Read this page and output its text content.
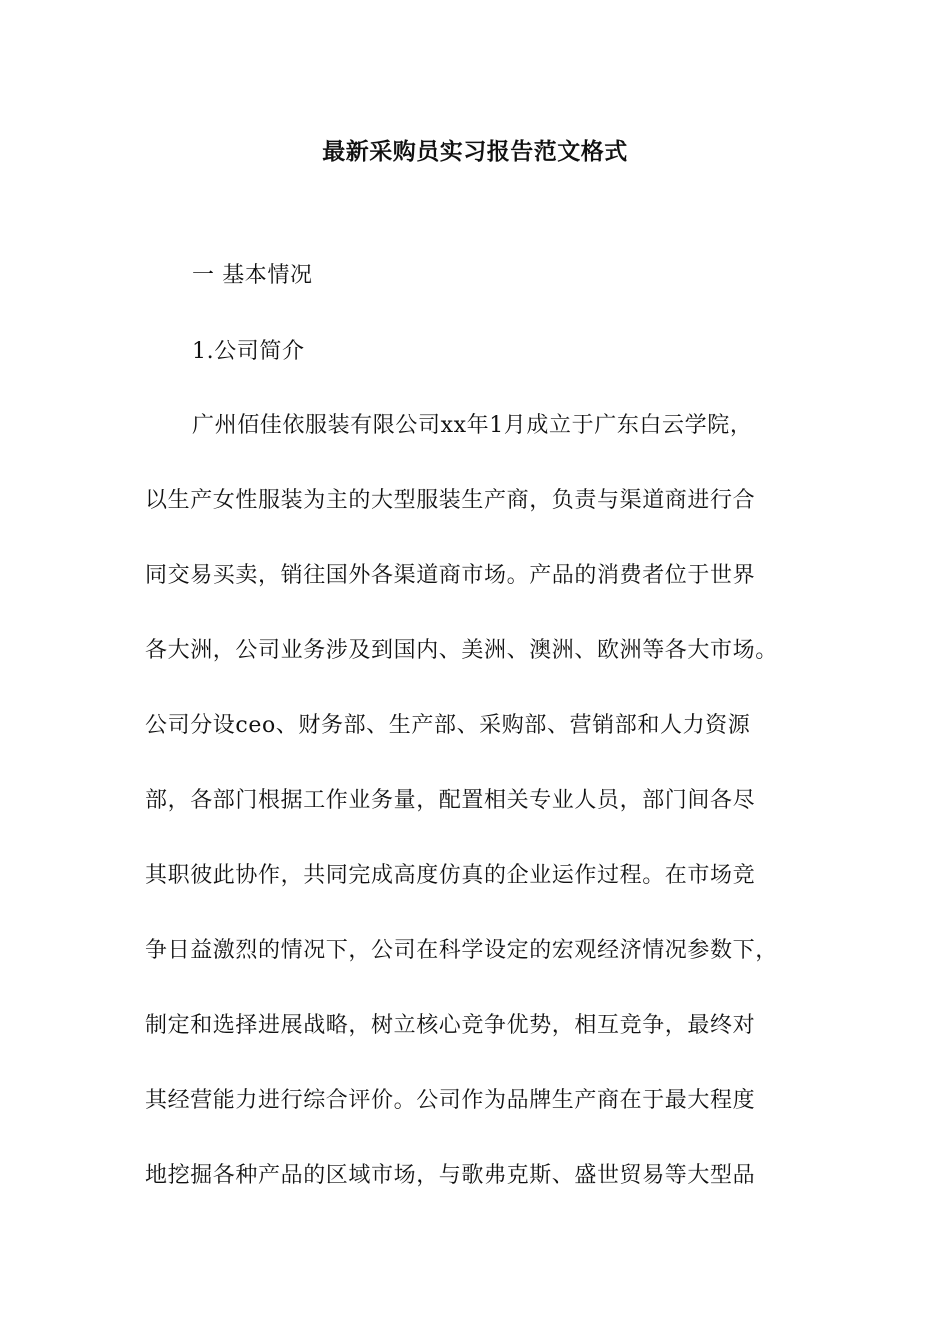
最新采购员实习报告范文格式
一 基本情况
1.公司简介
广州佰佳依服装有限公司xx年1月成立于广东白云学院，
以生产女性服装为主的大型服装生产商，负责与渠道商进行合
同交易买卖，销往国外各渠道商市场。产品的消费者位于世界
各大洲，公司业务涉及到国内、美洲、澳洲、欧洲等各大市场。
公司分设ceo、财务部、生产部、采购部、营销部和人力资源
部，各部门根据工作业务量，配置相关专业人员，部门间各尽
其职彼此协作，共同完成高度仿真的企业运作过程。在市场竞
争日益激烈的情况下，公司在科学设定的宏观经济情况参数下，
制定和选择进展战略，树立核心竞争优势，相互竞争，最终对
其经营能力进行综合评价。公司作为品牌生产商在于最大程度
地挖掘各种产品的区域市场，与歌弗克斯、盛世贸易等大型品
